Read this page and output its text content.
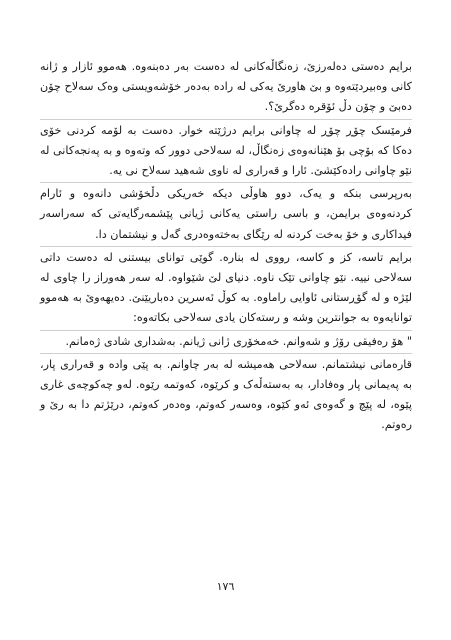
برایم دەستی دەلەرزێ، زەنگاڵەکانی لە دەست بەر دەبنەوە. هەموو ئازار و ژانە کانی وەبیردێتەوە و بێ هاورێ یەکی لە رادە بەدەر خۆشەویستی وەک سەلاح چۆن دەبێ و چۆن دڵ ئۆقرە دەگرێ؟.

فرمێسک چۆڕ چۆڕ لە چاوانی برایم درژێتە خوار. دەست بە لۆمە کردنی خۆی دەکا کە بۆچی بۆ هێنانەوەی زەنگاڵ، لە سەلاحی دوور کە وتەوە و بە پەنجەکانی لە نێو چاوانی رادەکێشێ. ئارا و قەرارى لە ناوی شەهید سەلاح نی یە.

بەرپرسی بنکە و یەک، دوو هاوڵی دیکە خەریکی دڵخۆشی دانەوە و ئارام کردنەوەی برایمن، و باسی راستی یەکانی ژیانی پێشمەرگایەتی کە سەراسەر فیداکاری و خۆ بەخت کردنە لە رێگای بەختەوەدری گەل و نیشتمان دا.

برایم تاسە، کز و کاسە، رووی لە بنارە. گوێی توانای بیستنی لە دەست داتی سەلاحی نییە. نێو چاوانی تێک ناوە. دنیای لێ شێواوە. لە سەر هەوراز را چاوی لە لێژە و لە گۆڕستانی ئاوایی راماوە. بە کوڵ ئەسرین دەباریێنێ. دەیهەوێ بە هەموو توانایەوە بە جوانترین وشە و رستەکان یادی سەلاحی بکاتەوە:

" هۆ رەفیقی رۆژ و شەوانم. خەمخۆری ژانی ژیانم. بەشداری شادی ژەمانم.

قارەمانی نیشتمانم. سەلاحی هەمیشە لە بەر چاوانم. بە پێی وادە و قەراری پار، بە پەیمانی پار وەفادار، بە بەستەڵەک و کرێوە، کەوتمە رێوە. لەو چەکوچەی غاری پێوە، لە پێچ و گەوەی ئەو کێوە، وەسەر کەوتم، وەدەر کەوتم، درێژتم دا بە رێ و رەوتم.

١٧٦
